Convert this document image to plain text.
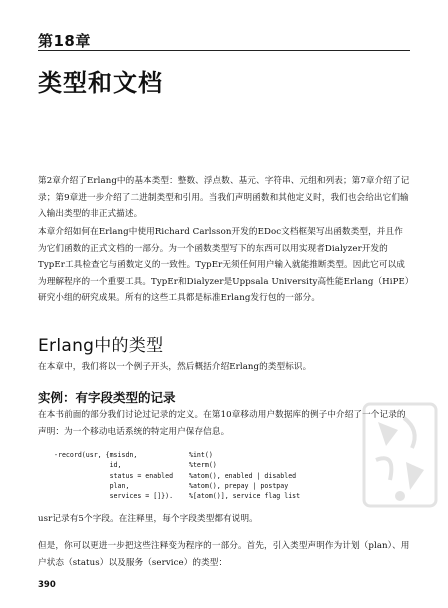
第18章
类型和文档
第2章介绍了Erlang中的基本类型：整数、浮点数、基元、字符串、元组和列表；第7章介绍了记录；第9章进一步介绍了二进制类型和引用。当我们声明函数和其他定义时，我们也会给出它们输入输出类型的非正式描述。
本章介绍如何在Erlang中使用Richard Carlsson开发的EDoc文档框架写出函数类型，并且作为它们函数的正式文档的一部分。为一个函数类型写下的东西可以用实现者Dialyzer开发的TypEr工具检查它与函数定义的一致性。TypEr无须任何用户输入就能推断类型。因此它可以成为理解程序的一个重要工具。TypEr和Dialyzer是Uppsala University高性能Erlang（HiPE）研究小组的研究成果。所有的这些工具都是标准Erlang发行包的一部分。
Erlang中的类型
在本章中，我们将以一个例子开头，然后概括介绍Erlang的类型标识。
实例：有字段类型的记录
在本书前面的部分我们讨论过记录的定义。在第10章移动用户数据库的例子中介绍了一个记录的声明：为一个移动电话系统的特定用户保存信息。
-record(usr, {msisdn,             %int()
id,                 %term()
status = enabled    %atom(), enabled | disabled
plan,               %atom(), prepay | postpay
services = []}).    %[atom()], service flag list
usr记录有5个字段。在注释里，每个字段类型都有说明。
但是，你可以更进一步把这些注释变为程序的一部分。首先，引入类型声明作为计划（plan）、用户状态（status）以及服务（service）的类型：
390
